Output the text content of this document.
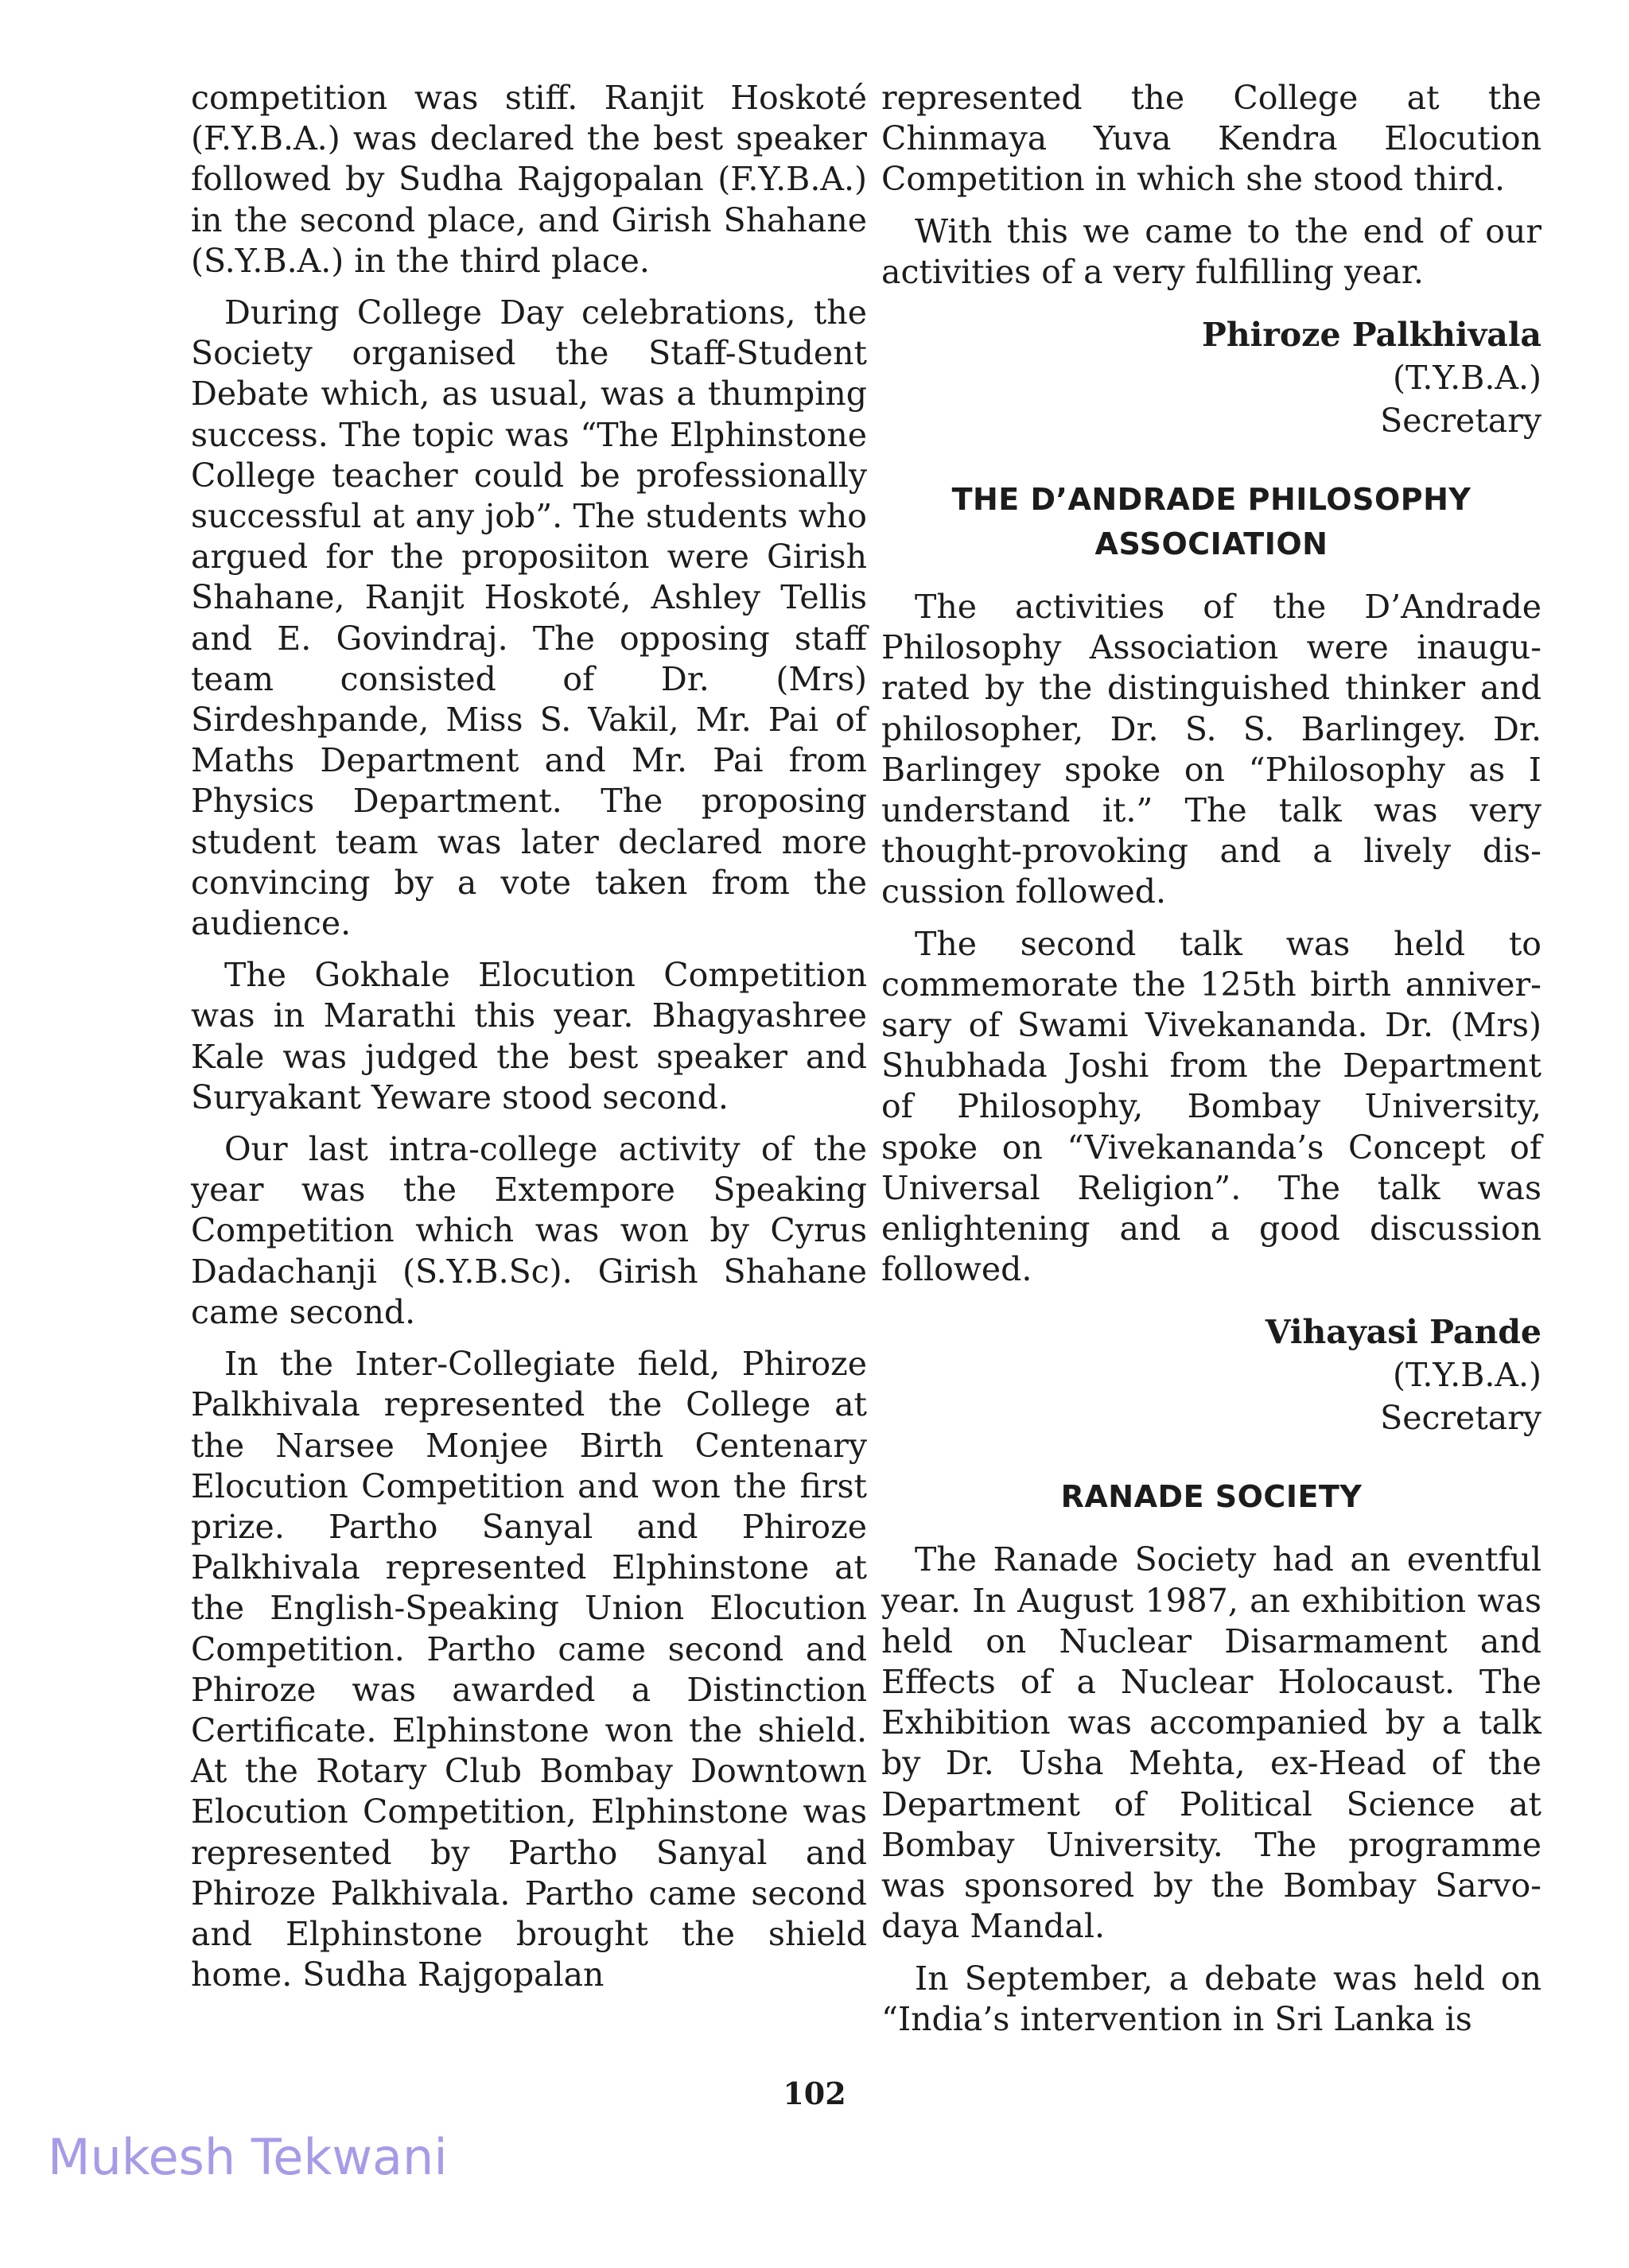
competition was stiff. Ranjit Hoskoté (F.Y.B.A.) was declared the best speaker followed by Sudha Rajgopalan (F.Y.B.A.) in the second place, and Girish Shahane (S.Y.B.A.) in the third place.

During College Day celebrations, the Society organised the Staff-Student Debate which, as usual, was a thumping success. The topic was “The Elphinstone College teacher could be professionally successful at any job”. The students who argued for the proposiiton were Girish Shahane, Ranjit Hoskoté, Ashley Tellis and E. Govindraj. The opposing staff team consisted of Dr. (Mrs) Sirdeshpande, Miss S. Vakil, Mr. Pai of Maths Department and Mr. Pai from Physics Department. The proposing student team was later declared more convincing by a vote taken from the audience.

The Gokhale Elocution Competition was in Marathi this year. Bhagyashree Kale was judged the best speaker and Suryakant Yeware stood second.

Our last intra-college activity of the year was the Extempore Speaking Competition which was won by Cyrus Dadachanji (S.Y.B.Sc). Girish Shahane came second.

In the Inter-Collegiate field, Phiroze Palkhivala represented the College at the Narsee Monjee Birth Centenary Elocution Competition and won the first prize. Partho Sanyal and Phiroze Palkhivala represented Elphinstone at the English-Speaking Union Elocution Competition. Partho came second and Phiroze was awarded a Distinction Certificate. Elphinstone won the shield. At the Rotary Club Bombay Downtown Elocution Competition, Elphinstone was represented by Partho Sanyal and Phiroze Palkhivala. Partho came second and Elphinstone brought the shield home. Sudha Rajgopalan

represented the College at the Chinmaya Yuva Kendra Elocution Competition in which she stood third.

With this we came to the end of our activities of a very fulfilling year.

Phiroze Palkhivala
(T.Y.B.A.)
Secretary
THE D’ANDRADE PHILOSOPHY ASSOCIATION

The activities of the D’Andrade Philosophy Association were inaugurated by the distinguished thinker and philosopher, Dr. S. S. Barlingey. Dr. Barlingey spoke on “Philosophy as I understand it.” The talk was very thought-provoking and a lively discussion followed.

The second talk was held to commemorate the 125th birth anniversary of Swami Vivekananda. Dr. (Mrs) Shubhada Joshi from the Department of Philosophy, Bombay University, spoke on “Vivekananda’s Concept of Universal Religion”. The talk was enlightening and a good discussion followed.

Vihayasi Pande
(T.Y.B.A.)
Secretary
RANADE SOCIETY

The Ranade Society had an eventful year. In August 1987, an exhibition was held on Nuclear Disarmament and Effects of a Nuclear Holocaust. The Exhibition was accompanied by a talk by Dr. Usha Mehta, ex-Head of the Department of Political Science at Bombay University. The programme was sponsored by the Bombay Sarvodaya Mandal.

In September, a debate was held on “India’s intervention in Sri Lanka is

102
Mukesh Tekwani
